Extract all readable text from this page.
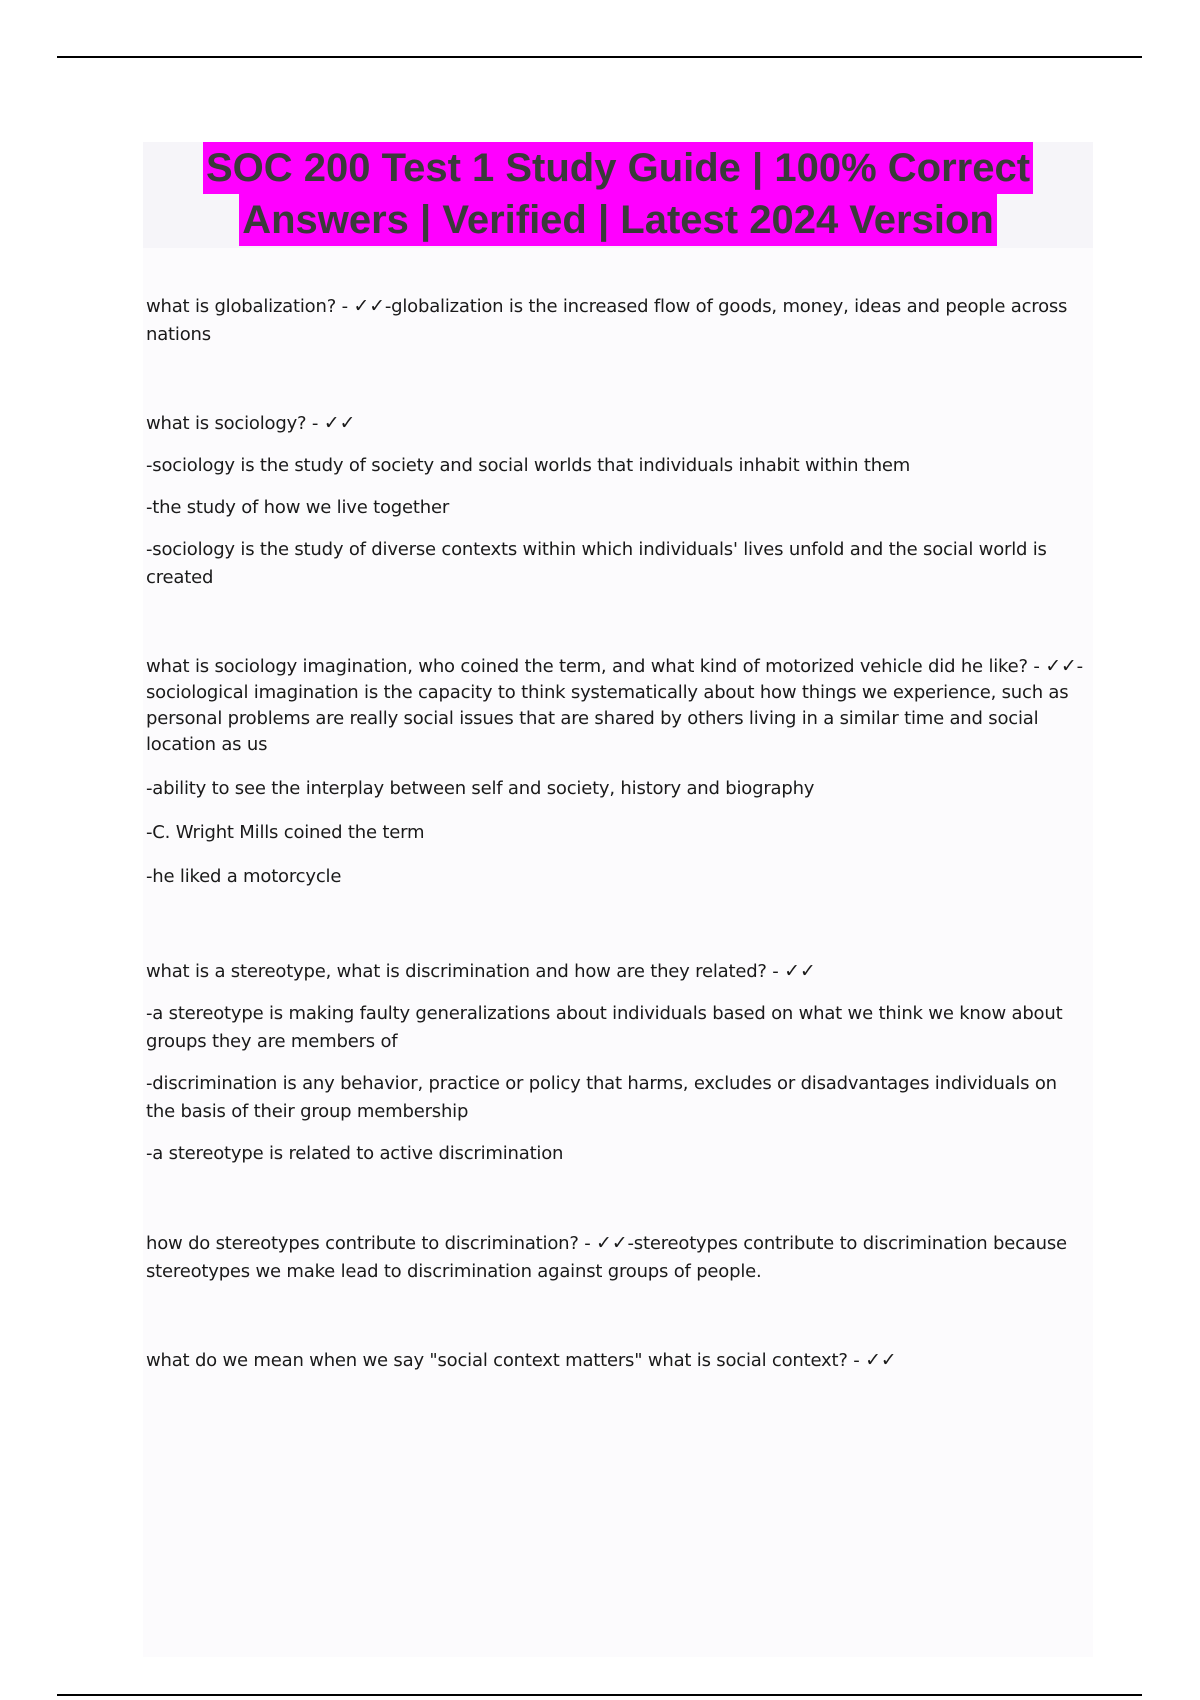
SOC 200 Test 1 Study Guide | 100% Correct
Answers | Verified | Latest 2024 Version
what is globalization? - ✓✓-globalization is the increased flow of goods, money, ideas and people across nations
what is sociology? - ✓✓
-sociology is the study of society and social worlds that individuals inhabit within them
-the study of how we live together
-sociology is the study of diverse contexts within which individuals' lives unfold and the social world is created
what is sociology imagination, who coined the term, and what kind of motorized vehicle did he like? - ✓✓-sociological imagination is the capacity to think systematically about how things we experience, such as personal problems are really social issues that are shared by others living in a similar time and social location as us
-ability to see the interplay between self and society, history and biography
-C. Wright Mills coined the term
-he liked a motorcycle
what is a stereotype, what is discrimination and how are they related? - ✓✓
-a stereotype is making faulty generalizations about individuals based on what we think we know about groups they are members of
-discrimination is any behavior, practice or policy that harms, excludes or disadvantages individuals on the basis of their group membership
-a stereotype is related to active discrimination
how do stereotypes contribute to discrimination? - ✓✓-stereotypes contribute to discrimination because stereotypes we make lead to discrimination against groups of people.
what do we mean when we say "social context matters" what is social context? - ✓✓
